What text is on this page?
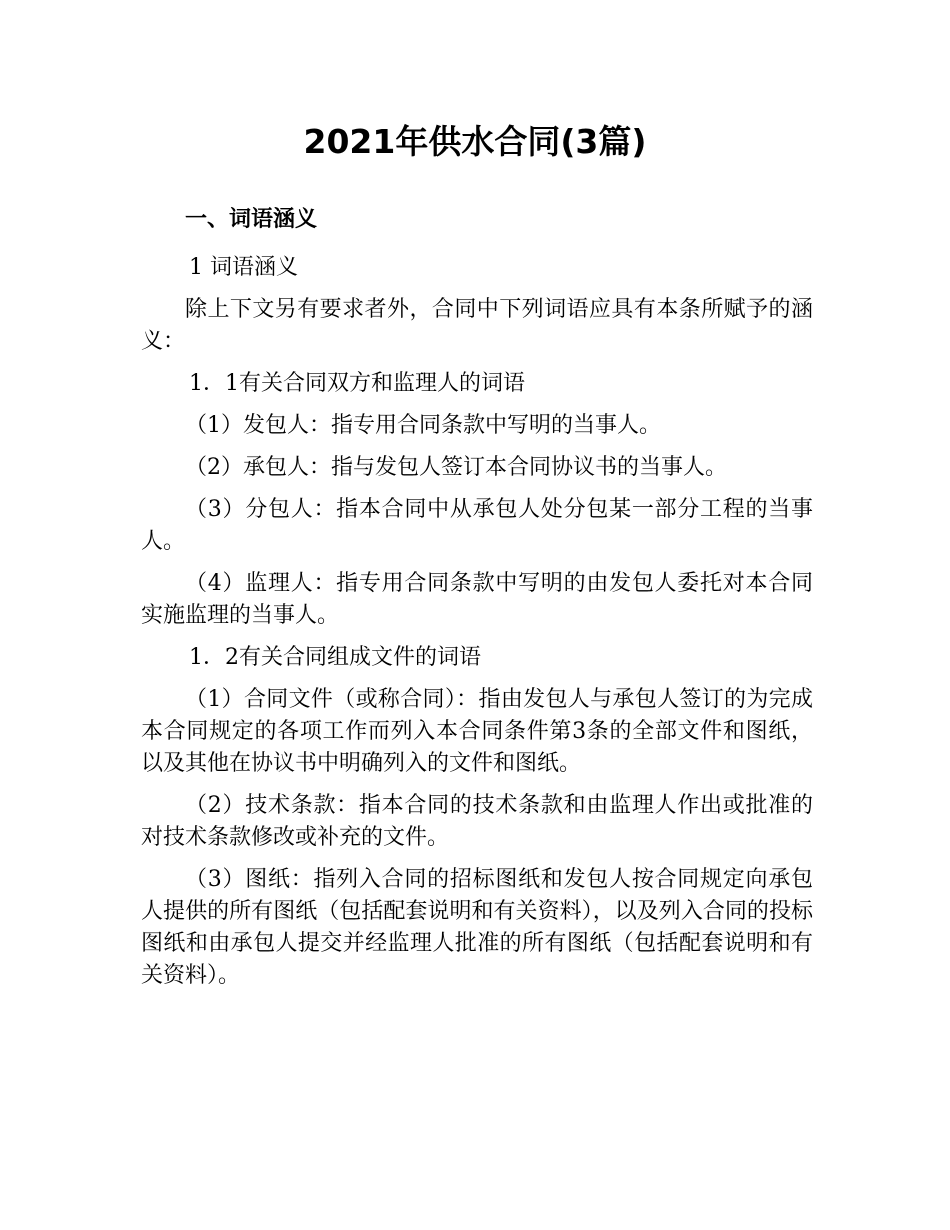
2021年供水合同(3篇)
一、词语涵义

1 词语涵义

除上下文另有要求者外，合同中下列词语应具有本条所赋予的涵义：

1．1有关合同双方和监理人的词语

（1）发包人：指专用合同条款中写明的当事人。

（2）承包人：指与发包人签订本合同协议书的当事人。

（3）分包人：指本合同中从承包人处分包某一部分工程的当事人。

（4）监理人：指专用合同条款中写明的由发包人委托对本合同实施监理的当事人。

1．2有关合同组成文件的词语

（1）合同文件（或称合同）：指由发包人与承包人签订的为完成本合同规定的各项工作而列入本合同条件第3条的全部文件和图纸，以及其他在协议书中明确列入的文件和图纸。

（2）技术条款：指本合同的技术条款和由监理人作出或批准的对技术条款修改或补充的文件。

（3）图纸：指列入合同的招标图纸和发包人按合同规定向承包人提供的所有图纸（包括配套说明和有关资料），以及列入合同的投标图纸和由承包人提交并经监理人批准的所有图纸（包括配套说明和有关资料）。
